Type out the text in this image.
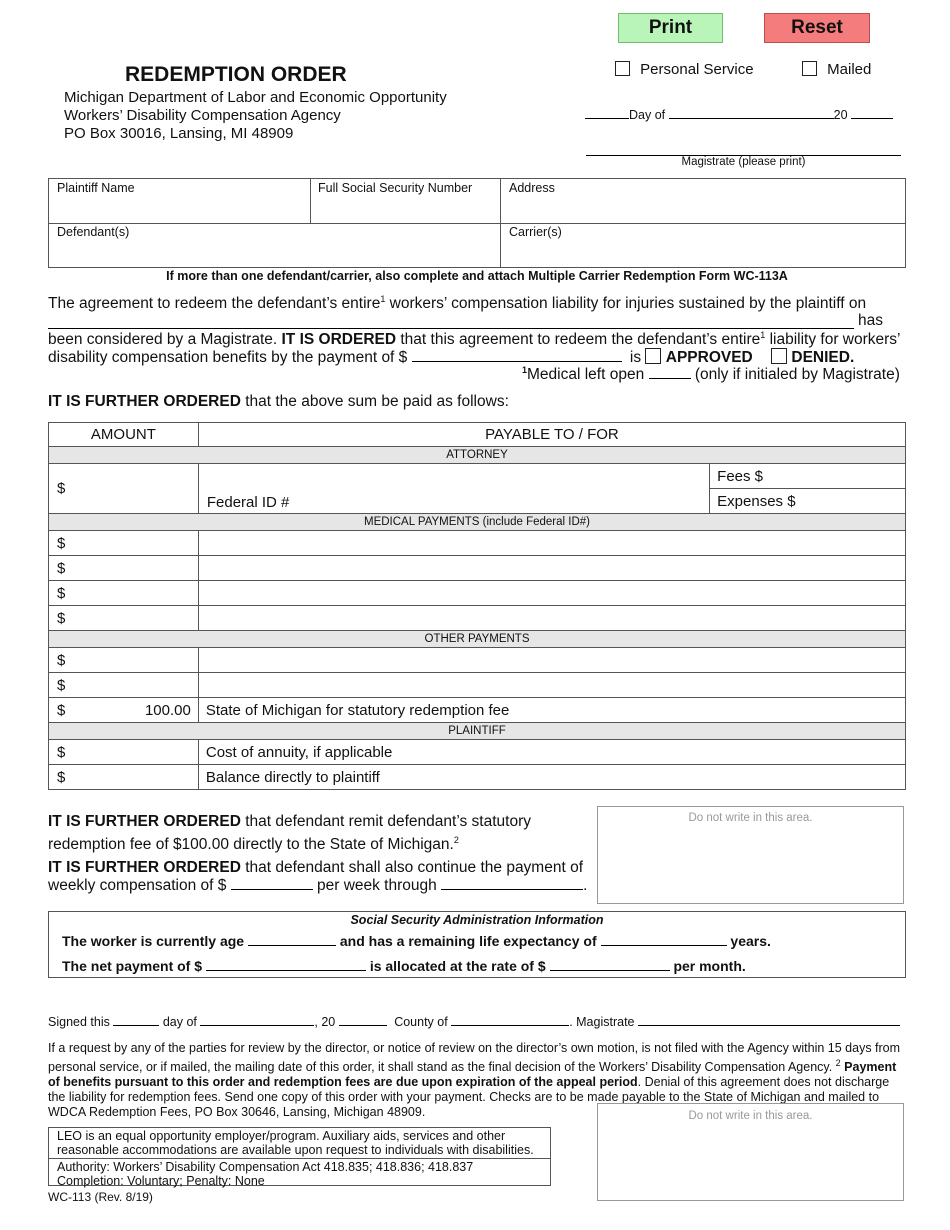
Print	Reset
REDEMPTION ORDER
Michigan Department of Labor and Economic Opportunity
Workers’ Disability Compensation Agency
PO Box 30016, Lansing, MI 48909
Personal Service	Mailed
Day of	20
Magistrate (please print)
Plaintiff Name	Full Social Security Number	Address
Defendant(s)	Carrier(s)
If more than one defendant/carrier, also complete and attach Multiple Carrier Redemption Form WC-113A
The agreement to redeem the defendant’s entire$^1$ workers’ compensation liability for injuries sustained by the plaintiff on
has
been considered by a Magistrate. IT IS ORDERED that this agreement to redeem the defendant’s entire$^1$ liability for workers’
disability compensation benefits by the payment of $	is APPROVED DENIED.
$^1$Medical left open	(only if initialed by Magistrate)
IT IS FURTHER ORDERED that the above sum be paid as follows:
AMOUNT	PAYABLE TO / FOR	
ATTORNEY		
$	Federal ID #	Fees $
		Expenses $
MEDICAL PAYMENTS (include Federal ID#)		
$		
$		
$		
$		
OTHER PAYMENTS		
$		
$		
$ 100.00	State of Michigan for statutory redemption fee	
PLAINTIFF		
$	Cost of annuity, if applicable	
$	Balance directly to plaintiff	
IT IS FURTHER ORDERED that defendant remit defendant’s statutory
redemption fee of $100.00 directly to the State of Michigan.$^2$
IT IS FURTHER ORDERED that defendant shall also continue the payment of
weekly compensation of $	per week through	.
Do not write in this area.
Social Security Administration Information
The worker is currently age	and has a remaining life expectancy of	years.
The net payment of $	is allocated at the rate of $	per month.
Signed this	day of	, 20	County of	. Magistrate
If a request by any of the parties for review by the director, or notice of review on the director’s own motion, is not filed with the Agency within 15 days from
personal service, or if mailed, the mailing date of this order, it shall stand as the final decision of the Workers’ Disability Compensation Agency. $^2$ Payment
of benefits pursuant to this order and redemption fees are due upon expiration of the appeal period. Denial of this agreement does not discharge
the liability for redemption fees. Send one copy of this order with your payment. Checks are to be made payable to the State of Michigan and mailed to
WDCA Redemption Fees, PO Box 30646, Lansing, Michigan 48909.
LEO is an equal opportunity employer/program. Auxiliary aids, services and other
reasonable accommodations are available upon request to individuals with disabilities.
Authority: Workers’ Disability Compensation Act 418.835; 418.836; 418.837
Completion: Voluntary; Penalty: None
WC-113 (Rev. 8/19)
Do not write in this area.
